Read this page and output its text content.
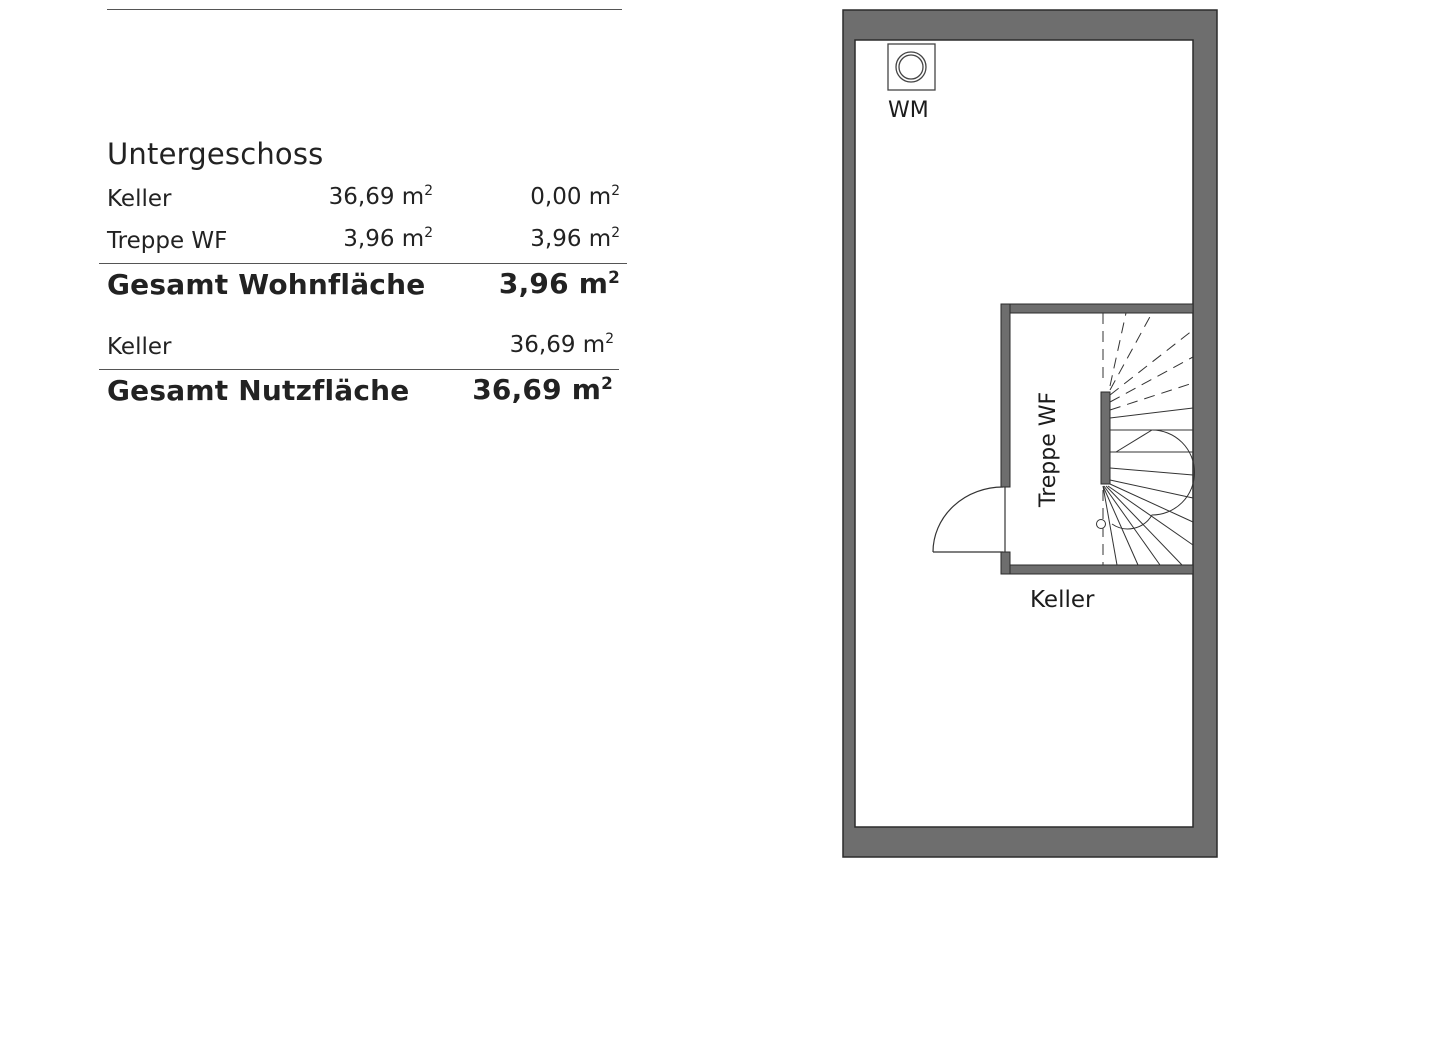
Untergeschoss
Keller	36,69 $m^2$	0,00 $m^2$
Treppe WF	3,96 $m^2$	3,96 $m^2$
Gesamt Wohnfläche	3,96 $m^2$
Keller	36,69 $m^2$
Gesamt Nutzfläche	36,69 $m^2$
WM
Treppe WF
Keller
